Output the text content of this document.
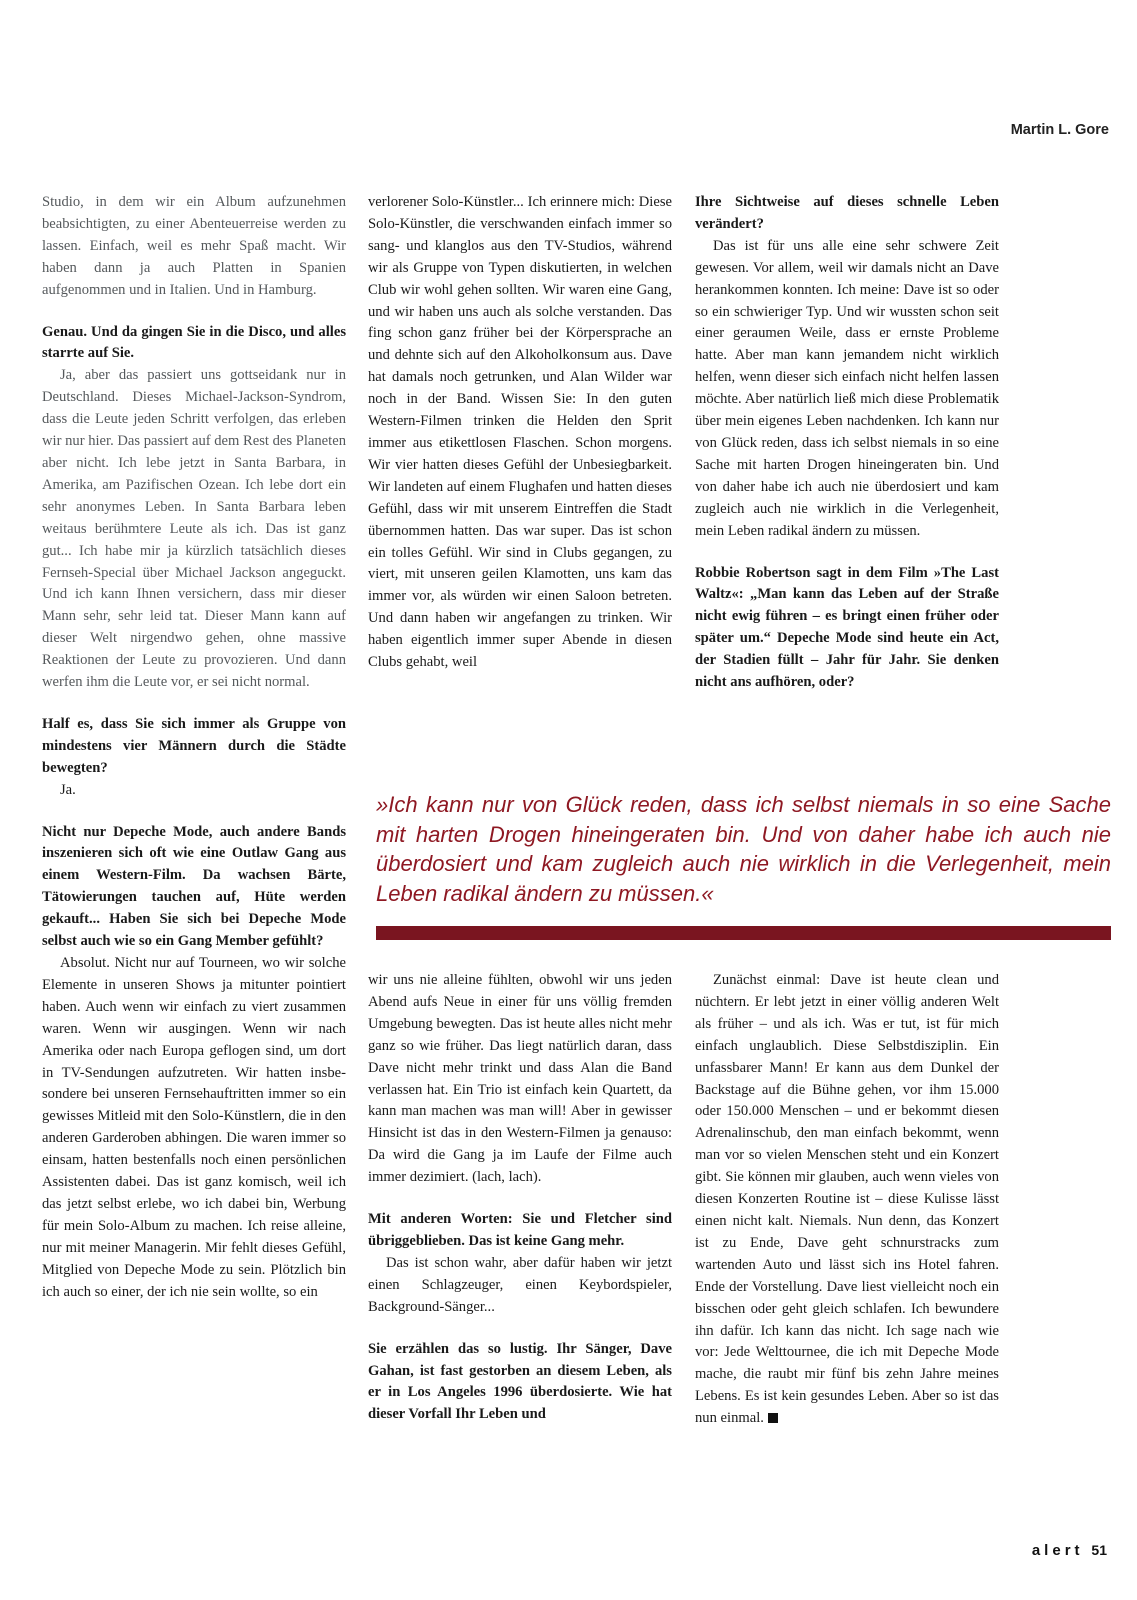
Martin L. Gore

Studio, in dem wir ein Album aufzunehmen beabsichtigten, zu einer Abenteuerreise werden zu lassen. Einfach, weil es mehr Spaß macht. Wir haben dann ja auch Platten in Spanien aufgenommen und in Italien. Und in Hamburg.

Genau. Und da gingen Sie in die Disco, und alles starrte auf Sie.

Ja, aber das passiert uns gottseidank nur in Deutschland. Dieses Michael-Jackson-Syndrom, dass die Leute jeden Schritt verfolgen, das erleben wir nur hier. Das passiert auf dem Rest des Planeten aber nicht. Ich lebe jetzt in Santa Barbara, in Amerika, am Pazifischen Ozean. Ich lebe dort ein sehr anonymes Leben. In Santa Barbara leben weitaus berühmtere Leute als ich. Das ist ganz gut... Ich habe mir ja kürzlich tatsächlich dieses Fernseh-Special über Michael Jackson angeguckt. Und ich kann Ihnen versichern, dass mir dieser Mann sehr, sehr leid tat. Dieser Mann kann auf dieser Welt nirgendwo gehen, ohne massive Reaktionen der Leute zu provozieren. Und dann werfen ihm die Leute vor, er sei nicht normal.

Half es, dass Sie sich immer als Gruppe von mindestens vier Männern durch die Städte bewegten?

Ja.

Nicht nur Depeche Mode, auch andere Bands inszenieren sich oft wie eine Outlaw Gang aus einem Western-Film. Da wachsen Bärte, Tätowierungen tauchen auf, Hüte werden gekauft... Haben Sie sich bei Depeche Mode selbst auch wie so ein Gang Member gefühlt?

Absolut. Nicht nur auf Tourneen, wo wir solche Elemente in unseren Shows ja mitunter pointiert haben. Auch wenn wir einfach zu viert zusammen waren. Wenn wir ausgingen. Wenn wir nach Amerika oder nach Europa geflogen sind, um dort in TV-Sendungen aufzutreten. Wir hatten insbesondere bei unseren Fernsehauftritten immer so ein gewisses Mitleid mit den Solo-Künstlern, die in den anderen Garderoben abhingen. Die waren immer so einsam, hatten bestenfalls noch einen persönlichen Assistenten dabei. Das ist ganz komisch, weil ich das jetzt selbst erlebe, wo ich dabei bin, Werbung für mein Solo-Album zu machen. Ich reise alleine, nur mit meiner Managerin. Mir fehlt dieses Gefühl, Mitglied von Depeche Mode zu sein. Plötzlich bin ich auch so einer, der ich nie sein wollte, so ein

verlorener Solo-Künstler... Ich erinnere mich: Diese Solo-Künstler, die verschwanden einfach immer so sang- und klanglos aus den TV-Studios, während wir als Gruppe von Typen diskutierten, in welchen Club wir wohl gehen sollten. Wir waren eine Gang, und wir haben uns auch als solche verstanden. Das fing schon ganz früher bei der Körpersprache an und dehnte sich auf den Alkoholkonsum aus. Dave hat damals noch getrunken, und Alan Wilder war noch in der Band. Wissen Sie: In den guten Western-Filmen trinken die Helden den Sprit immer aus etikettlosen Flaschen. Schon morgens. Wir vier hatten dieses Gefühl der Unbesiegbarkeit. Wir landeten auf einem Flughafen und hatten dieses Gefühl, dass wir mit unserem Eintreffen die Stadt übernommen hatten. Das war super. Das ist schon ein tolles Gefühl. Wir sind in Clubs gegangen, zu viert, mit unseren geilen Klamotten, uns kam das immer vor, als würden wir einen Saloon betreten. Und dann haben wir angefangen zu trinken. Wir haben eigentlich immer super Abende in diesen Clubs gehabt, weil

Ihre Sichtweise auf dieses schnelle Leben verändert?

Das ist für uns alle eine sehr schwere Zeit gewesen. Vor allem, weil wir damals nicht an Dave herankommen konnten. Ich meine: Dave ist so oder so ein schwieriger Typ. Und wir wussten schon seit einer geraumen Weile, dass er ernste Probleme hatte. Aber man kann jemandem nicht wirklich helfen, wenn dieser sich einfach nicht helfen lassen möchte. Aber natürlich ließ mich diese Problematik über mein eigenes Leben nachdenken. Ich kann nur von Glück reden, dass ich selbst niemals in so eine Sache mit harten Drogen hineingeraten bin. Und von daher habe ich auch nie überdosiert und kam zugleich auch nie wirklich in die Verlegenheit, mein Leben radikal ändern zu müssen.

Robbie Robertson sagt in dem Film »The Last Waltz«: „Man kann das Leben auf der Straße nicht ewig führen – es bringt einen früher oder später um.“ Depeche Mode sind heute ein Act, der Stadien füllt – Jahr für Jahr. Sie denken nicht ans aufhören, oder?

»Ich kann nur von Glück reden, dass ich selbst niemals in so eine Sache mit harten Drogen hineingeraten bin. Und von daher habe ich auch nie überdosiert und kam zugleich auch nie wirklich in die Verlegenheit, mein Leben radikal ändern zu müssen.«

wir uns nie alleine fühlten, obwohl wir uns jeden Abend aufs Neue in einer für uns völlig fremden Umgebung bewegten. Das ist heute alles nicht mehr ganz so wie früher. Das liegt natürlich daran, dass Dave nicht mehr trinkt und dass Alan die Band verlassen hat. Ein Trio ist einfach kein Quartett, da kann man machen was man will! Aber in gewisser Hinsicht ist das in den Western-Filmen ja genauso: Da wird die Gang ja im Laufe der Filme auch immer dezimiert. (lach, lach).

Mit anderen Worten: Sie und Fletcher sind übriggeblieben. Das ist keine Gang mehr.

Das ist schon wahr, aber dafür haben wir jetzt einen Schlagzeuger, einen Keybordspieler, Background-Sänger...

Sie erzählen das so lustig. Ihr Sänger, Dave Gahan, ist fast gestorben an diesem Leben, als er in Los Angeles 1996 überdosierte. Wie hat dieser Vorfall Ihr Leben und

Zunächst einmal: Dave ist heute clean und nüchtern. Er lebt jetzt in einer völlig anderen Welt als früher – und als ich. Was er tut, ist für mich einfach unglaublich. Diese Selbstdisziplin. Ein unfassbarer Mann! Er kann aus dem Dunkel der Backstage auf die Bühne gehen, vor ihm 15.000 oder 150.000 Menschen – und er bekommt diesen Adrenalinschub, den man einfach bekommt, wenn man vor so vielen Menschen steht und ein Konzert gibt. Sie können mir glauben, auch wenn vieles von diesen Konzerten Routine ist – diese Kulisse lässt einen nicht kalt. Niemals. Nun denn, das Konzert ist zu Ende, Dave geht schnurstracks zum wartenden Auto und lässt sich ins Hotel fahren. Ende der Vorstellung. Dave liest vielleicht noch ein bisschen oder geht gleich schlafen. Ich bewundere ihn dafür. Ich kann das nicht. Ich sage nach wie vor: Jede Welttournee, die ich mit Depeche Mode mache, die raubt mir fünf bis zehn Jahre meines Lebens. Es ist kein gesundes Leben. Aber so ist das nun einmal.

alert 51
